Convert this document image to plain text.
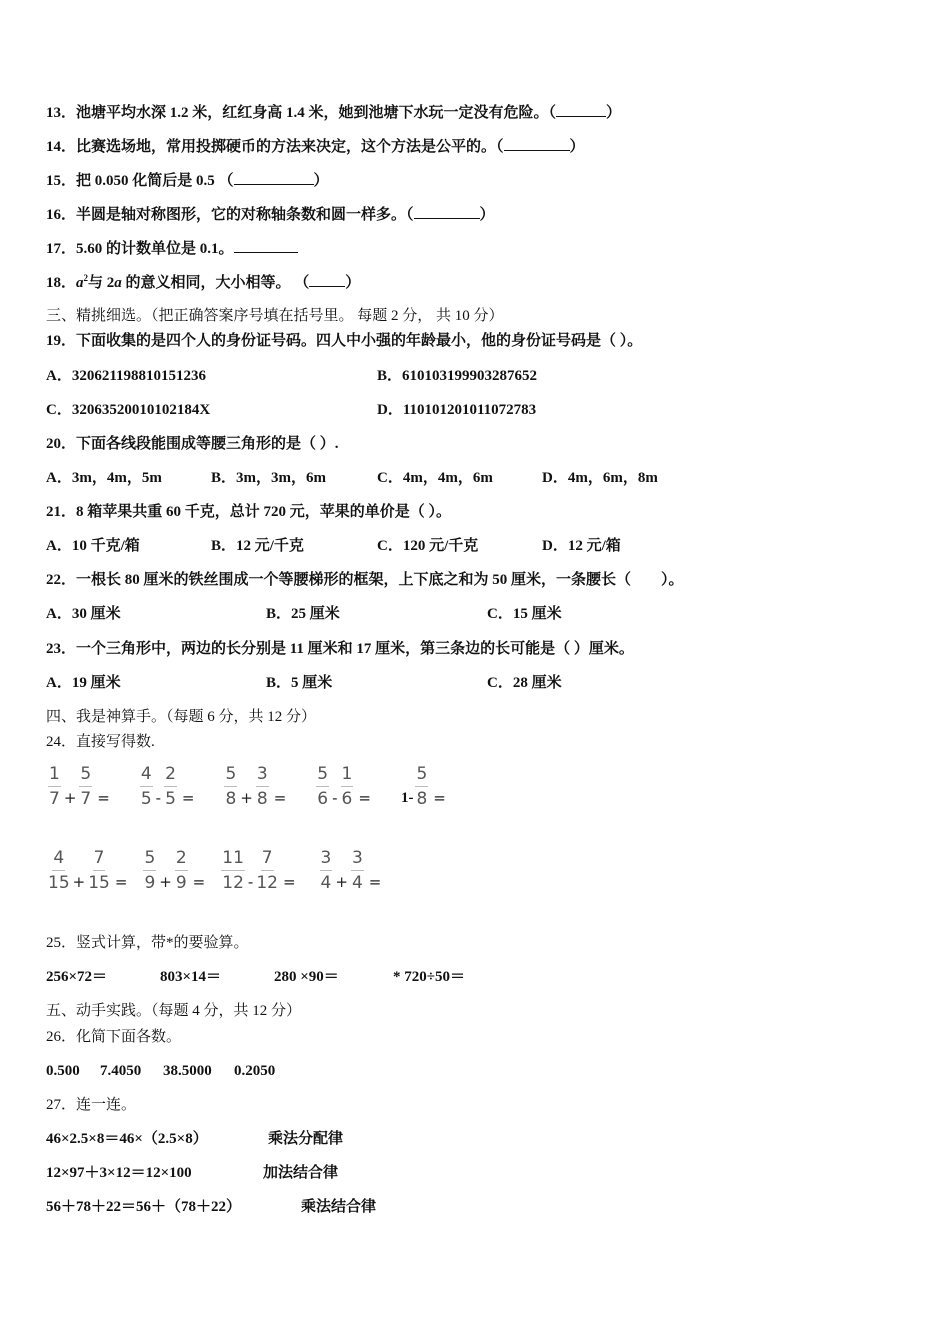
13．池塘平均水深 1.2 米，红红身高 1.4 米，她到池塘下水玩一定没有危险。（	）
14．比赛选场地，常用投掷硬币的方法来决定，这个方法是公平的。（	）
15．把 0.050 化简后是 0.5 （	）
16．半圆是轴对称图形，它的对称轴条数和圆一样多。（	）
17．5.60 的计数单位是 0.1。
18．$a^2$与 2a 的意义相同，大小相等。 （ ）
三、精挑细选。（把正确答案序号填在括号里。 每题 2 分， 共 10 分）
19．下面收集的是四个人的身份证号码。四人中小强的年龄最小，他的身份证号码是（ ）。
A．320621198810151236	B．610103199903287652
C．32063520010102184X	D．110101201011072783
20．下面各线段能围成等腰三角形的是（ ）.
A．3m，4m，5m	B．3m，3m，6m	C．4m，4m，6m	D．4m，6m，8m
21．8 箱苹果共重 60 千克，总计 720 元，苹果的单价是（ ）。
A．10 千克/箱	B．12 元/千克	C．120 元/千克	D．12 元/箱
22．一根长 80 厘米的铁丝围成一个等腰梯形的框架，上下底之和为 50 厘米，一条腰长（　　）。
A．30 厘米	B．25 厘米	C．15 厘米
23．一个三角形中，两边的长分别是 11 厘米和 17 厘米，第三条边的长可能是（ ）厘米。
A．19 厘米	B．5 厘米	C．28 厘米
四、我是神算手。（每题 6 分，共 12 分）
24．直接写得数.
$\frac{1}{7} + \frac{5}{7} = \frac{4}{5} - \frac{2}{5} = \frac{5}{8} + \frac{3}{8} = \frac{5}{6} - \frac{1}{6} = 1- \frac{5}{8}$ =
$\frac{4}{15} + \frac{7}{15} = \frac{5}{9} + \frac{2}{9} = \frac{11}{12} - \frac{7}{12} = \frac{3}{4} + \frac{3}{4}$ =
25．竖式计算，带*的要验算。
256×72＝	803×14＝	280 ×90＝	* 720÷50＝
五、动手实践。（每题 4 分，共 12 分）
26．化简下面各数。
0.500 7.4050 38.5000 0.2050
27．连一连。
46×2.5×8＝46×（2.5×8）	乘法分配律
12×97＋3×12＝12×100	加法结合律
56＋78＋22＝56＋（78＋22）	乘法结合律
